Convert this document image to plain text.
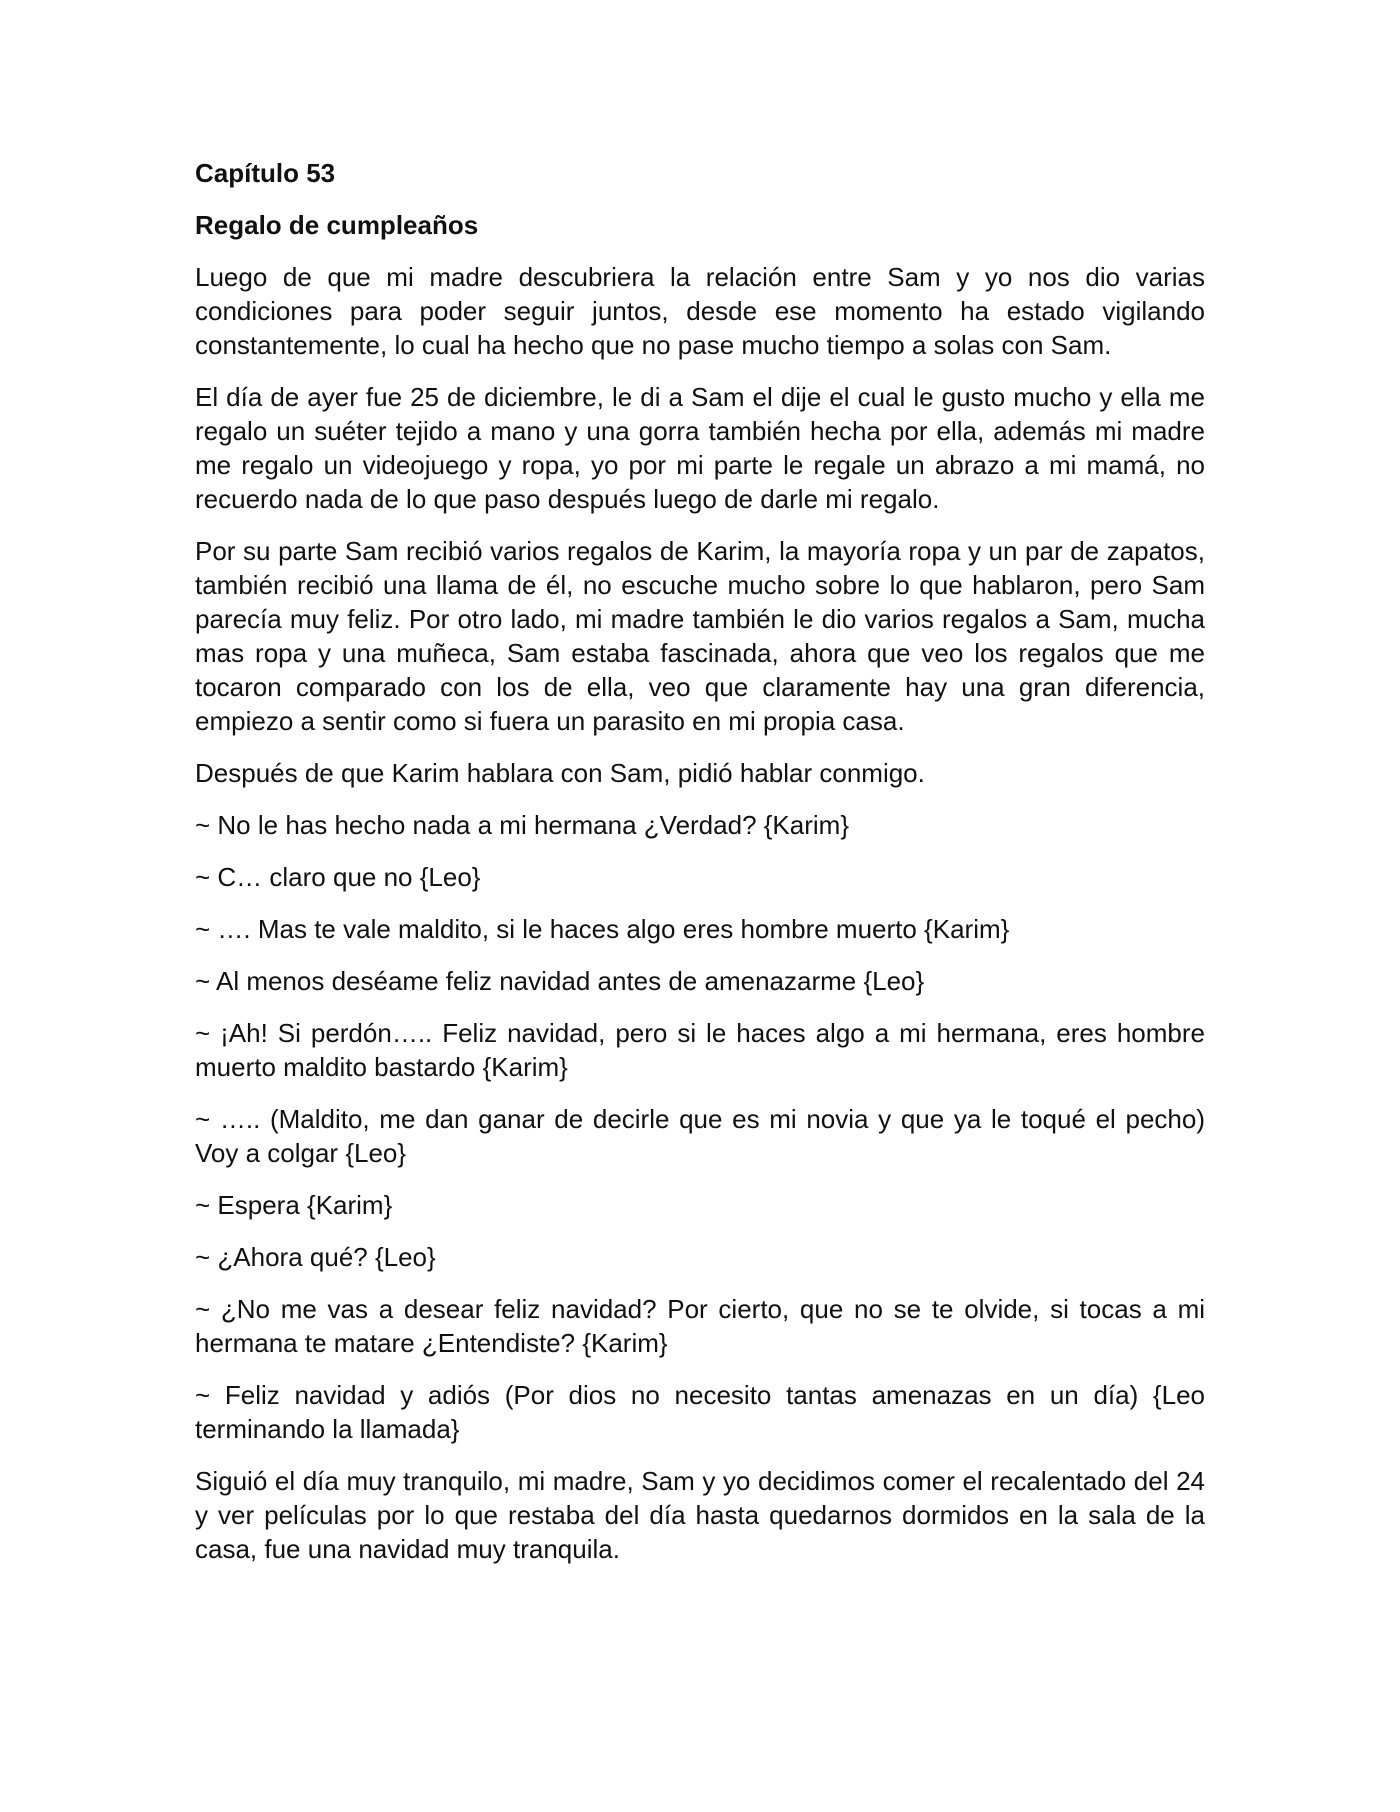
Capítulo 53

Regalo de cumpleaños

Luego de que mi madre descubriera la relación entre Sam y yo nos dio varias condiciones para poder seguir juntos, desde ese momento ha estado vigilando constantemente, lo cual ha hecho que no pase mucho tiempo a solas con Sam.

El día de ayer fue 25 de diciembre, le di a Sam el dije el cual le gusto mucho y ella me regalo un suéter tejido a mano y una gorra también hecha por ella, además mi madre me regalo un videojuego y ropa, yo por mi parte le regale un abrazo a mi mamá, no recuerdo nada de lo que paso después luego de darle mi regalo.

Por su parte Sam recibió varios regalos de Karim, la mayoría ropa y un par de zapatos, también recibió una llama de él, no escuche mucho sobre lo que hablaron, pero Sam parecía muy feliz. Por otro lado, mi madre también le dio varios regalos a Sam, mucha mas ropa y una muñeca, Sam estaba fascinada, ahora que veo los regalos que me tocaron comparado con los de ella, veo que claramente hay una gran diferencia, empiezo a sentir como si fuera un parasito en mi propia casa.

Después de que Karim hablara con Sam, pidió hablar conmigo.

~ No le has hecho nada a mi hermana ¿Verdad? {Karim}

~ C… claro que no {Leo}

~ …. Mas te vale maldito, si le haces algo eres hombre muerto {Karim}

~ Al menos deséame feliz navidad antes de amenazarme {Leo}

~ ¡Ah! Si perdón….. Feliz navidad, pero si le haces algo a mi hermana, eres hombre muerto maldito bastardo {Karim}

~ ….. (Maldito, me dan ganar de decirle que es mi novia y que ya le toqué el pecho) Voy a colgar {Leo}

~ Espera {Karim}

~ ¿Ahora qué? {Leo}

~ ¿No me vas a desear feliz navidad? Por cierto, que no se te olvide, si tocas a mi hermana te matare ¿Entendiste? {Karim}

~ Feliz navidad y adiós (Por dios no necesito tantas amenazas en un día) {Leo terminando la llamada}

Siguió el día muy tranquilo, mi madre, Sam y yo decidimos comer el recalentado del 24 y ver películas por lo que restaba del día hasta quedarnos dormidos en la sala de la casa, fue una navidad muy tranquila.
